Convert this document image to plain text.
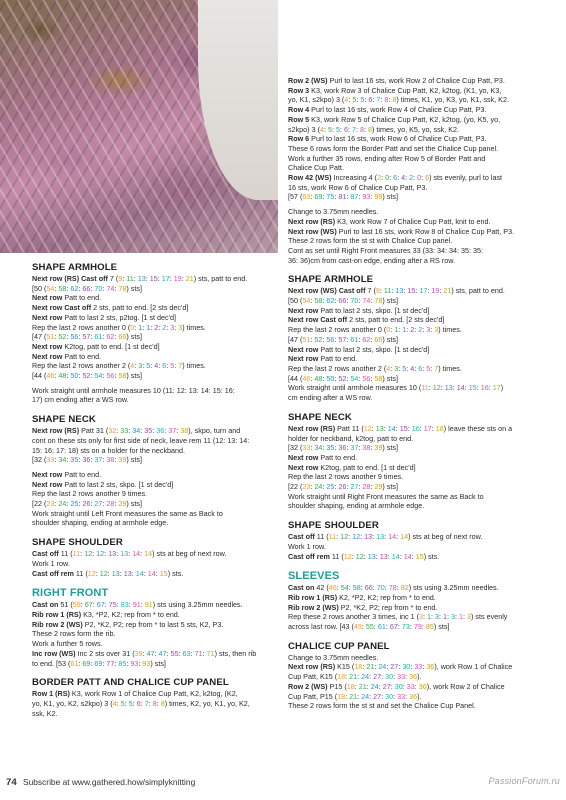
SHAPE ARMHOLE

Next row (RS) Cast off 7 (9: 11: 13: 15: 17: 19: 21) sts, patt to end.

[50 (54: 58: 62: 66: 70: 74: 78) sts]

Next row Patt to end.

Next row Cast off 2 sts, patt to end. [2 sts dec'd]

Next row Patt to last 2 sts, p2tog. [1 st dec'd]

Rep the last 2 rows another 0 (0: 1: 1: 2: 2: 3: 3) times.

[47 (51: 52: 56: 57: 61: 62: 66) sts]

Next row K2tog, patt to end. [1 st dec'd]

Next row Patt to end.

Rep the last 2 rows another 2 (4: 3: 5: 4: 6: 5: 7) times.

[44 (46: 48: 50: 52: 54: 56: 58) sts]

Work straight until armhole measures 10 (11: 12: 13: 14: 15: 16:

17) cm ending after a WS row.

SHAPE NECK

Next row (RS) Patt 31 (32: 33: 34: 35: 36: 37: 38), skpo, turn and

cont on these sts only for first side of neck, leave rem 11 (12: 13: 14:

15: 16: 17: 18) sts on a holder for the neckband.

[32 (33: 34: 35: 36: 37: 38: 39) sts]

Next row Patt to end.

Next row Patt to last 2 sts, skpo. [1 st dec'd]

Rep the last 2 rows another 9 times.

[22 (23: 24: 25: 26: 27: 28: 29) sts]

Work straight until Left Front measures the same as Back to

shoulder shaping, ending at armhole edge.

SHAPE SHOULDER

Cast off 11 (11: 12: 12: 13: 13: 14: 14) sts at beg of next row.

Work 1 row.

Cast off rem 11 (12: 12: 13: 13: 14: 14: 15) sts.

RIGHT FRONT

Cast on 51 (59: 67: 67: 75: 83: 91: 91) sts using 3.25mm needles.

Rib row 1 (RS) K3, *P2, K2; rep from * to end.

Rib row 2 (WS) P2, *K2, P2; rep from * to last 5 sts, K2, P3.

These 2 rows form the rib.

Work a further 5 rows.

Inc row (WS) Inc 2 sts over 31 (39: 47: 47: 55: 63: 71: 71) sts, then rib

to end. [53 (61: 69: 69: 77: 85: 93: 93) sts]

BORDER PATT AND CHALICE CUP PANEL

Row 1 (RS) K3, work Row 1 of Chalice Cup Patt, K2, k2tog, (K2,

yo, K1, yo, K2, s2kpo) 3 (4: 5: 5: 6: 7: 8: 8) times, K2, yo, K1, yo, K2,

ssk, K2.

Row 2 (WS) Purl to last 16 sts, work Row 2 of Chalice Cup Patt, P3.

Row 3 K3, work Row 3 of Chalice Cup Patt, K2, k2tog, (K1, yo, K3,

yo, K1, s2kpo) 3 (4: 5: 5: 6: 7: 8: 8) times, K1, yo, K3, yo, K1, ssk, K2.

Row 4 Purl to last 16 sts, work Row 4 of Chalice Cup Patt, P3.

Row 5 K3, work Row 5 of Chalice Cup Patt, K2, k2tog, (yo, K5, yo,

s2kpo) 3 (4: 5: 5: 6: 7: 8: 8) times, yo, K5, yo, ssk, K2.

Row 6 Purl to last 16 sts, work Row 6 of Chalice Cup Patt, P3.

These 6 rows form the Border Patt and set the Chalice Cup panel.

Work a further 35 rows, ending after Row 5 of Border Patt and

Chalice Cup Patt.

Row 42 (WS) Increasing 4 (2: 0: 6: 4: 2: 0: 6) sts evenly, purl to last

16 sts, work Row 6 of Chalice Cup Patt, P3.

[57 (63: 69: 75: 81: 87: 93: 99) sts]

Change to 3.75mm needles.

Next row (RS) K3, work Row 7 of Chalice Cup Patt, knit to end.

Next row (WS) Purl to last 16 sts, work Row 8 of Chalice Cup Patt, P3.

These 2 rows form the st st with Chalice Cup panel.

Cont as set until Right Front measures 33 (33: 34: 34: 35: 35:

36: 36)cm from cast-on edge, ending after a RS row.

SHAPE ARMHOLE

Next row (WS) Cast off 7 (9: 11: 13: 15: 17: 19: 21) sts, patt to end.

[50 (54: 58: 62: 66: 70: 74: 78) sts]

Next row Patt to last 2 sts, skpo. [1 st dec'd]

Next row Cast off 2 sts, patt to end. [2 sts dec'd]

Rep the last 2 rows another 0 (0: 1: 1: 2: 2: 3: 3) times.

[47 (51: 52: 56: 57: 61: 62: 66) sts]

Next row Patt to last 2 sts, skpo. [1 st dec'd]

Next row Patt to end.

Rep the last 2 rows another 2 (4: 3: 5: 4: 6: 5: 7) times.

[44 (46: 48: 50: 52: 54: 56: 58) sts]

Work straight until armhole measures 10 (11: 12: 13: 14: 15: 16: 17)

cm ending after a WS row.

SHAPE NECK

Next row (RS) Patt 11 (12: 13: 14: 15: 16: 17: 18) leave these sts on a

holder for neckband, k2tog, patt to end.

[32 (33: 34: 35: 36: 37: 38: 39) sts]

Next row Patt to end.

Next row K2tog, patt to end. [1 st dec'd]

Rep the last 2 rows another 9 times.

[22 (23: 24: 25: 26: 27: 28: 29) sts]

Work straight until Right Front measures the same as Back to

shoulder shaping, ending at armhole edge.

SHAPE SHOULDER

Cast off 11 (11: 12: 12: 13: 13: 14: 14) sts at beg of next row.

Work 1 row.

Cast off rem 11 (12: 12: 13: 13: 14: 14: 15) sts.

SLEEVES

Cast on 42 (46: 54: 58: 66: 70: 78: 82) sts using 3.25mm needles.

Rib row 1 (RS) K2, *P2, K2; rep from * to end.

Rib row 2 (WS) P2, *K2, P2; rep from * to end.

Rep these 2 rows another 3 times, inc 1 (3: 1: 3: 1: 3: 1: 3) sts evenly

across last row. [43 (49: 55: 61: 67: 73: 79: 85) sts]

CHALICE CUP PANEL

Change to 3.75mm needles.

Next row (RS) K15 (18: 21: 24: 27: 30: 33: 36), work Row 1 of Chalice

Cup Patt, K15 (18: 21: 24: 27: 30: 33: 36).

Row 2 (WS) P15 (18: 21: 24: 27: 30: 33: 36), work Row 2 of Chalice

Cup Patt, P15 (18: 21: 24: 27: 30: 33: 36).

These 2 rows form the st st and set the Chalice Cup Panel.

74 Subscribe at www.gathered.how/simplyknitting	PassionForum.ru
